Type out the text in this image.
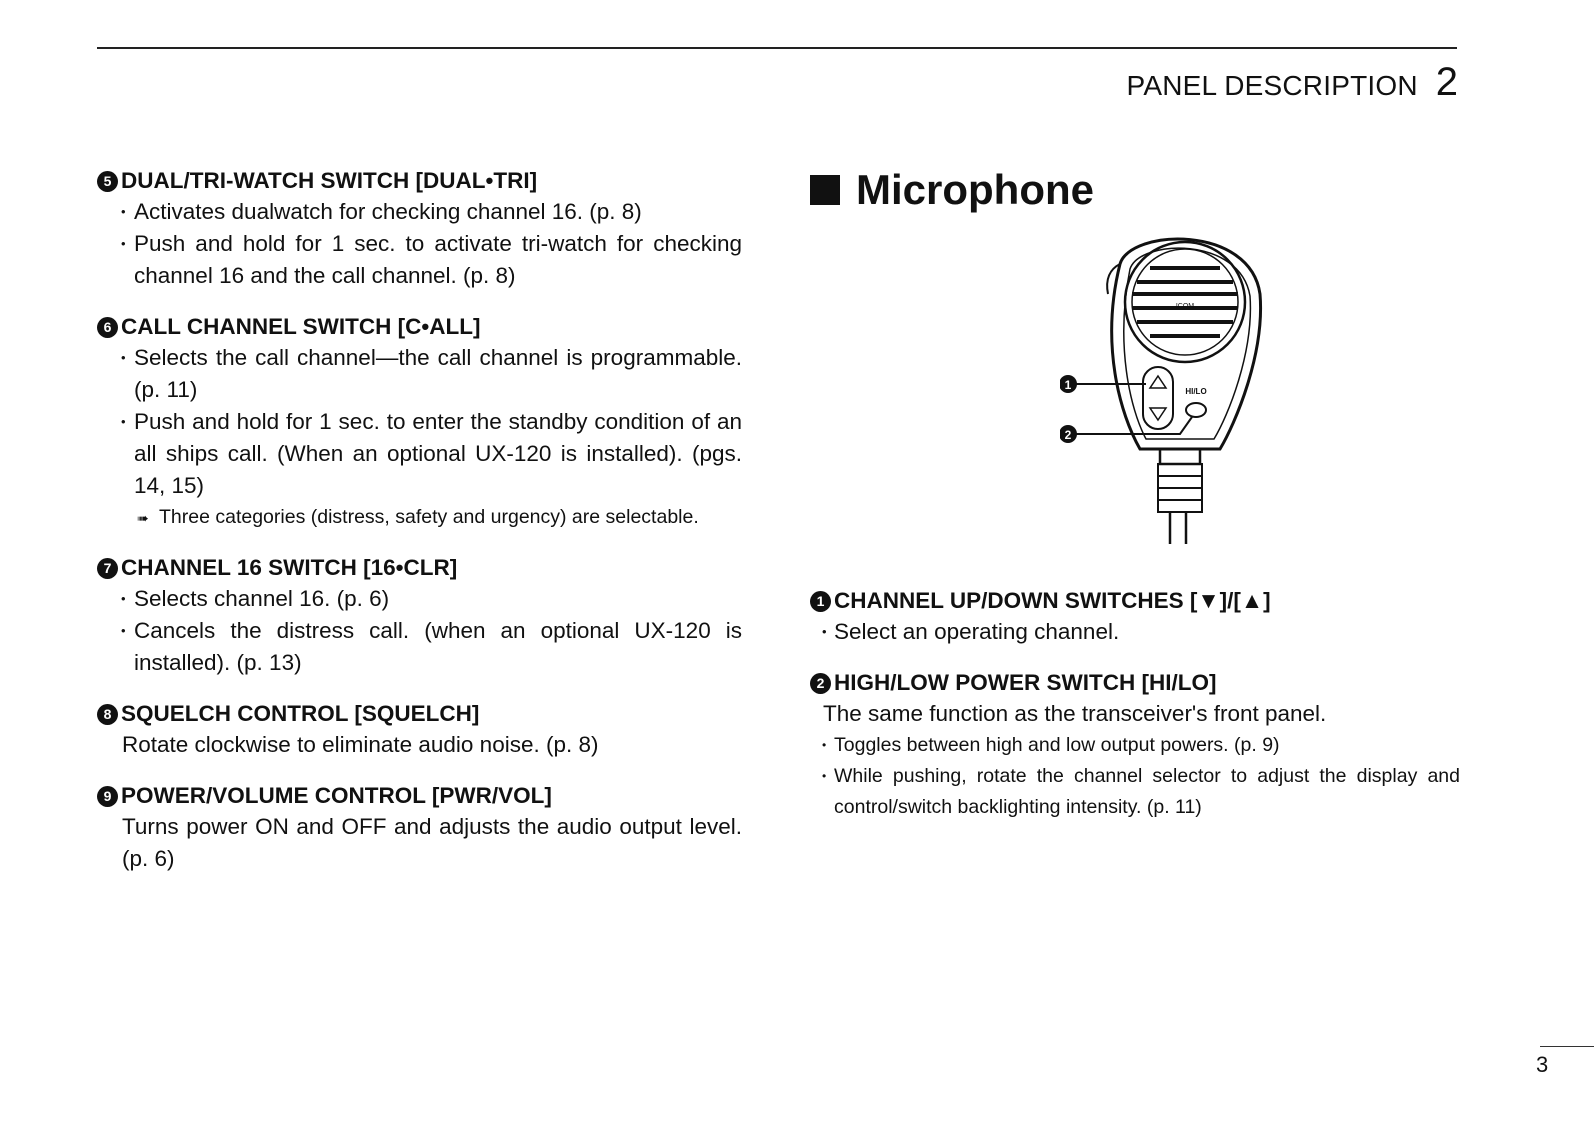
PANEL DESCRIPTION 2
5 DUAL/TRI-WATCH SWITCH [DUAL•TRI]
• Activates dualwatch for checking channel 16. (p. 8)
• Push and hold for 1 sec. to activate tri-watch for checking channel 16 and the call channel. (p. 8)
6 CALL CHANNEL SWITCH [C•ALL]
• Selects the call channel—the call channel is programmable. (p. 11)
• Push and hold for 1 sec. to enter the standby condition of an all ships call. (When an optional UX-120 is installed). (pgs. 14, 15)
➠ Three categories (distress, safety and urgency) are selectable.
7 CHANNEL 16 SWITCH [16•CLR]
• Selects channel 16. (p. 6)
• Cancels the distress call. (when an optional UX-120 is installed). (p. 13)
8 SQUELCH CONTROL [SQUELCH]
Rotate clockwise to eliminate audio noise. (p. 8)
9 POWER/VOLUME CONTROL [PWR/VOL]
Turns power ON and OFF and adjusts the audio output level. (p. 6)
Microphone
1 CHANNEL UP/DOWN SWITCHES [▼]/[▲]
• Select an operating channel.
2 HIGH/LOW POWER SWITCH [HI/LO]
The same function as the transceiver's front panel.
• Toggles between high and low output powers. (p. 9)
• While pushing, rotate the channel selector to adjust the display and control/switch backlighting intensity. (p. 11)
1
2
HI/LO
ICOM
3
